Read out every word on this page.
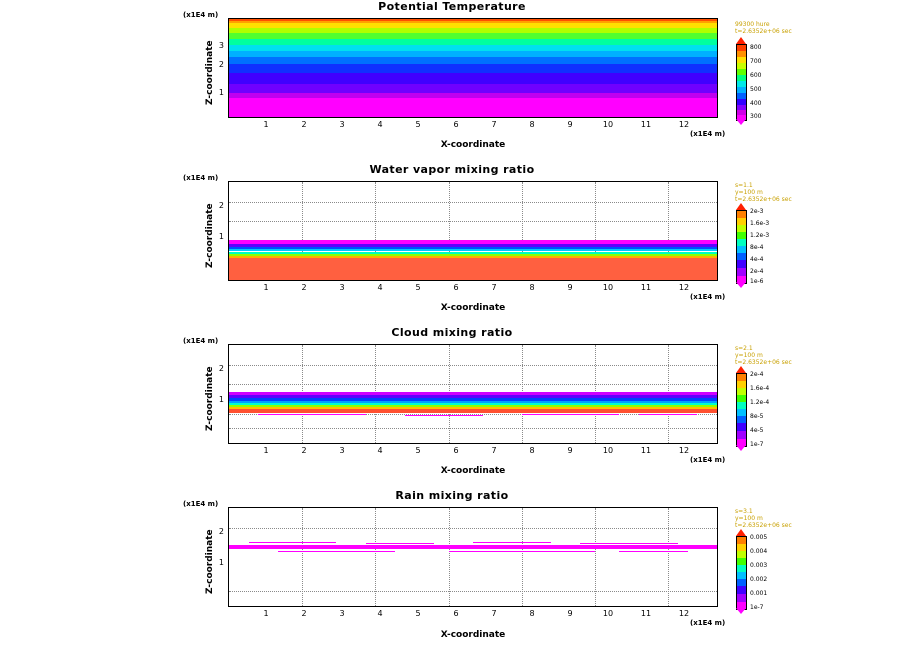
Potential Temperature
(x1E4 m)
3
2
1
Z-coordinate
1	2	3	4	5	6	7	8	9	10	11	12
(x1E4 m)
X-coordinate
99300 hure
t=2.6352e+06 sec
800
700
600
500
400
300
Water vapor mixing ratio
(x1E4 m)
2
1
Z-coordinate
1	2	3	4	5	6	7	8	9	10	11	12
(x1E4 m)
X-coordinate
s=1.1
y=100 m
t=2.6352e+06 sec
2e-3
1.6e-3
1.2e-3
8e-4
4e-4
2e-4
1e-6
Cloud mixing ratio
(x1E4 m)
2
1
Z-coordinate
1	2	3	4	5	6	7	8	9	10	11	12
(x1E4 m)
X-coordinate
s=2.1
y=100 m
t=2.6352e+06 sec
2e-4
1.6e-4
1.2e-4
8e-5
4e-5
1e-7
Rain mixing ratio
(x1E4 m)
2
1
Z-coordinate
1	2	3	4	5	6	7	8	9	10	11	12
(x1E4 m)
X-coordinate
s=3.1
y=100 m
t=2.6352e+06 sec
0.005
0.004
0.003
0.002
0.001
1e-7
